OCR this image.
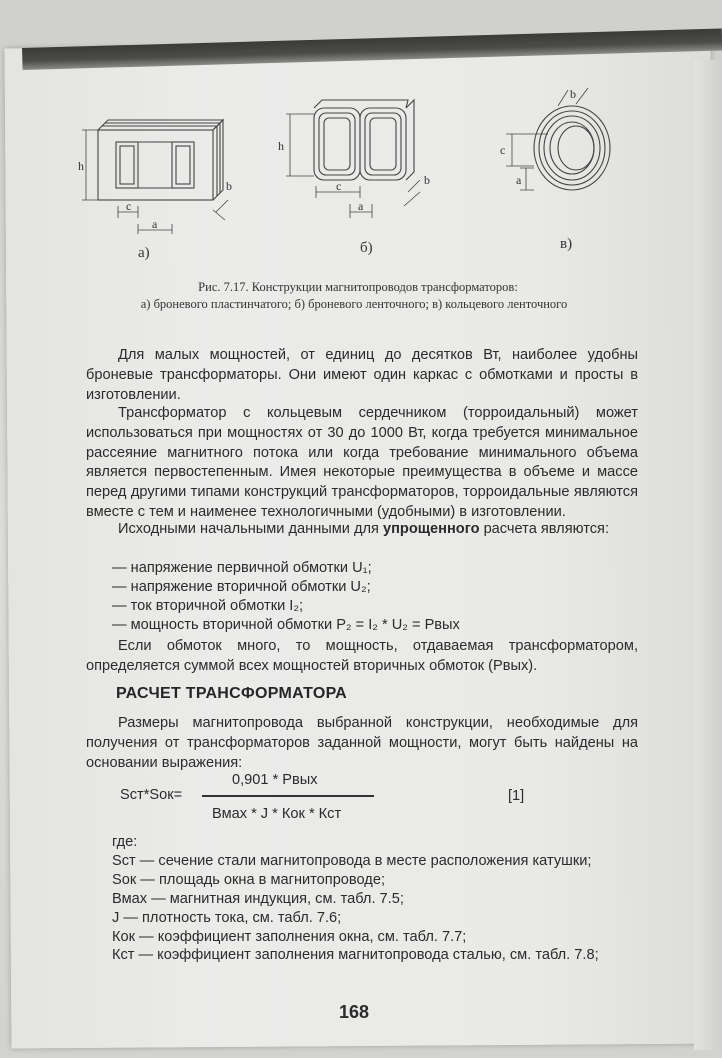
h
c
a
b
а)
h
c
a
b
б)
c
a
b
в)
Рис. 7.17. Конструкции магнитопроводов трансформаторов:
а) броневого пластинчатого; б) броневого ленточного; в) кольцевого ленточного
Для малых мощностей, от единиц до десятков Вт, наиболее удобны броневые трансформаторы. Они имеют один каркас с обмотками и просты в изготовлении.
Трансформатор с кольцевым сердечником (торроидальный) может использоваться при мощностях от 30 до 1000 Вт, когда требуется минимальное рассеяние магнитного потока или когда требование минимального объема является первостепенным. Имея некоторые преимущества в объеме и массе перед другими типами конструкций трансформаторов, торроидальные являются вместе с тем и наименее технологичными (удобными) в изготовлении.
Исходными начальными данными для упрощенного расчета являются:
— напряжение первичной обмотки U₁;
— напряжение вторичной обмотки U₂;
— ток вторичной обмотки I₂;
— мощность вторичной обмотки P₂ = I₂ * U₂ = Рвых
Если обмоток много, то мощность, отдаваемая трансформатором, определяется суммой всех мощностей вторичных обмоток (Рвых).
РАСЧЕТ ТРАНСФОРМАТОРА
Размеры магнитопровода выбранной конструкции, необходимые для получения от трансформаторов заданной мощности, могут быть найдены на основании выражения:
0,901 * Рвых
Sст*Sок=
Вмах * J * Кок * Кст
[1]
где:
Sст — сечение стали магнитопровода в месте расположения катушки;
Sок — площадь окна в магнитопроводе;
Вмах — магнитная индукция, см. табл. 7.5;
J — плотность тока, см. табл. 7.6;
Кок — коэффициент заполнения окна, см. табл. 7.7;
Кст — коэффициент заполнения магнитопровода сталью, см. табл. 7.8;
168
